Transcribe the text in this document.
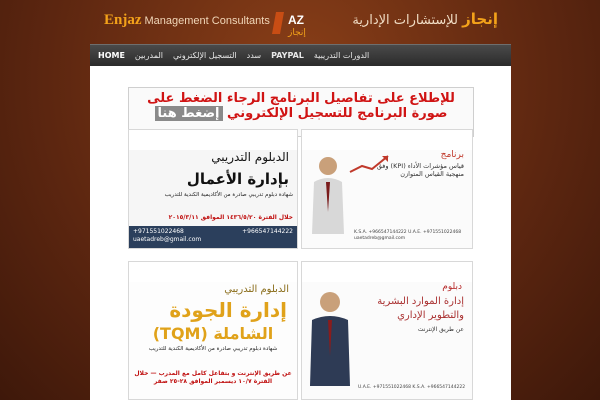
Enjaz Management Consultants AZ
إنجاز
إنجاز للإستشارات الإدارية
HOME المدربين التسجيل الإلكتروني سدد PAYPAL الدورات التدريبية
للإطلاع على تفاصيل البرنامج الرجاء الضغط على
صورة البرنامج للتسجيل الإلكتروني إضغط هنا
الدبلوم التدريبي
بإدارة الأعمال
شهادة دبلوم تدريبي صادرة من الأكاديمية الكندية للتدريب
خلال الفترة ١٤٣٦/٥/٢٠ الموافق ٢٠١٥/٣/١١
+971551022468	+966547144222
uaetadreb@gmail.com
برنامج
قياس مؤشرات الأداء (KPI) وفق منهجية القياس المتوازن
K.S.A. +966547144222 U.A.E. +971551022468 uaetadreb@gmail.com
الدبلوم التدريبي
إدارة الجودة
الشاملة (TQM)
شهادة دبلوم تدريبي صادرة من الأكاديمية الكندية للتدريب
عن طريق الإنترنت و بتفاعل كامل مع المدرب — خلال الفترة ١٠/٧ ديسمبر الموافق ٢٨-٢٥ صفر
دبلوم
إدارة الموارد البشرية
والتطوير الإداري
عن طريق الإنترنت
U.A.E. +971551022468 K.S.A. +966547144222
